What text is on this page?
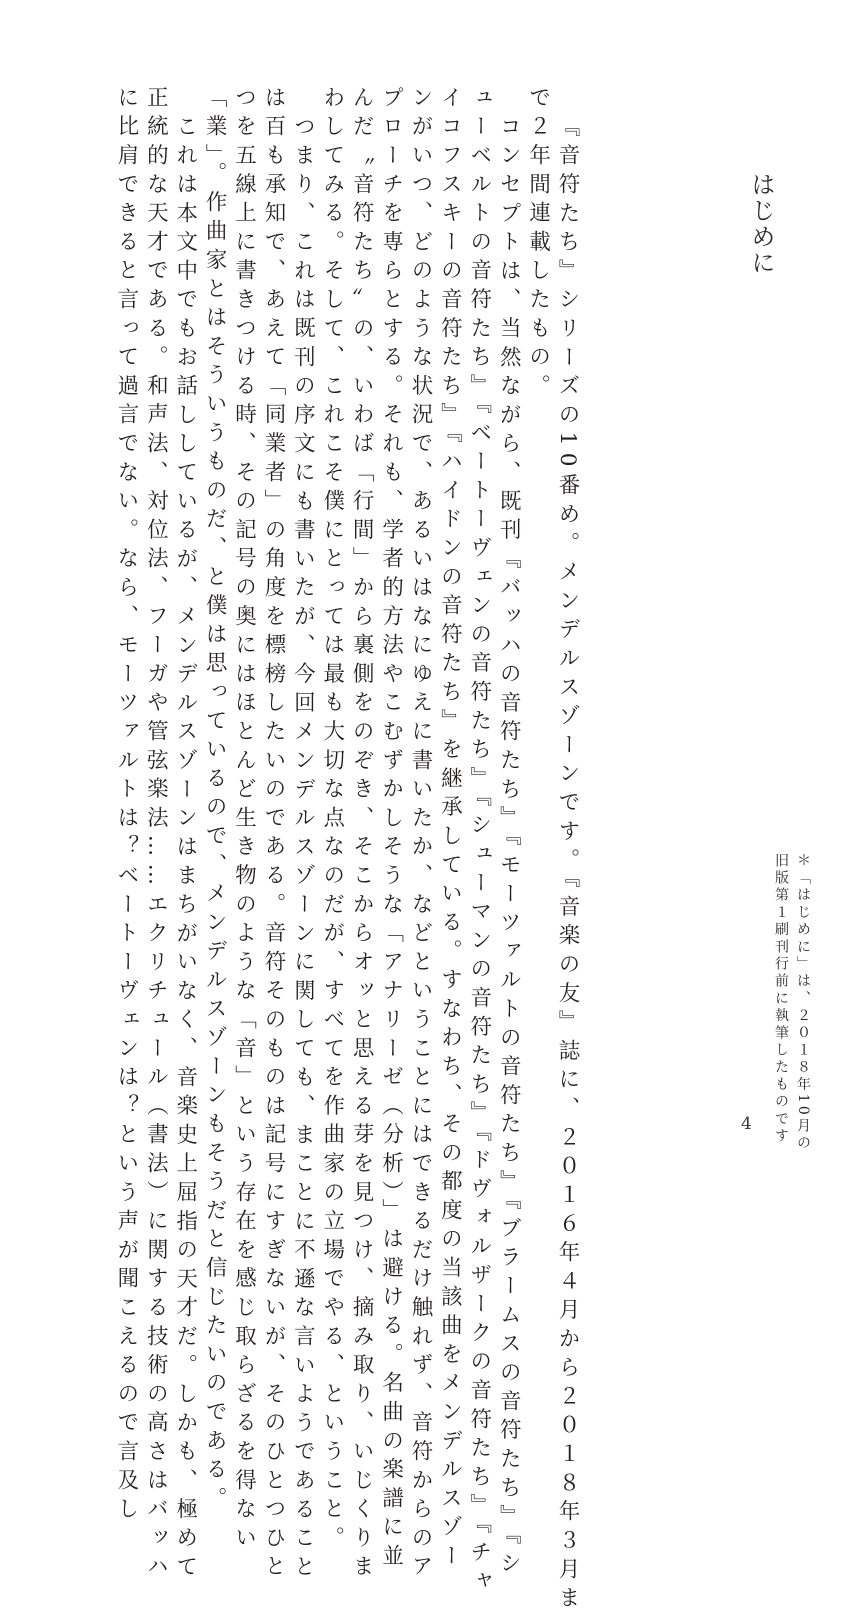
はじめに
『音符たち』シリーズの10番め。メンデルスゾーンです。『音楽の友』誌に、２０１６年４月から２０１８年３月ま
で２年間連載したもの。
コンセプトは、当然ながら、既刊『バッハの音符たち』『モーツァルトの音符たち』『ブラームスの音符たち』『シ
ューベルトの音符たち』『ベートーヴェンの音符たち』『シューマンの音符たち』『ドヴォルザークの音符たち』『チャ
イコフスキーの音符たち』『ハイドンの音符たち』を継承している。すなわち、その都度の当該曲をメンデルスゾー
ンがいつ、どのような状況で、あるいはなにゆえに書いたか、などということにはできるだけ触れず、音符からのア
プローチを専らとする。それも、学者的方法やこむずかしそうな「アナリーゼ（分析）」は避ける。名曲の楽譜に並
んだ〝音符たち〟の、いわば「行間」から裏側をのぞき、そこからオッと思える芽を見つけ、摘み取り、いじくりま
わしてみる。そして、これこそ僕にとっては最も大切な点なのだが、すべてを作曲家の立場でやる、ということ。
つまり、これは既刊の序文にも書いたが、今回メンデルスゾーンに関しても、まことに不遜な言いようであること
は百も承知で、あえて「同業者」の角度を標榜したいのである。音符そのものは記号にすぎないが、そのひとつひと
つを五線上に書きつける時、その記号の奥にはほとんど生き物のような「音」という存在を感じ取らざるを得ない
「業」。作曲家とはそういうものだ、と僕は思っているので、メンデルスゾーンもそうだと信じたいのである。
これは本文中でもお話ししているが、メンデルスゾーンはまちがいなく、音楽史上屈指の天才だ。しかも、極めて
正統的な天才である。和声法、対位法、フーガや管弦楽法……エクリチュール（書法）に関する技術の高さはバッハ
に比肩できると言って過言でない。なら、モーツァルトは？ベートーヴェンは？という声が聞こえるので言及し	＊「はじめに」は、２０１８年10月の
旧版第１刷刊行前に執筆したものです
4
